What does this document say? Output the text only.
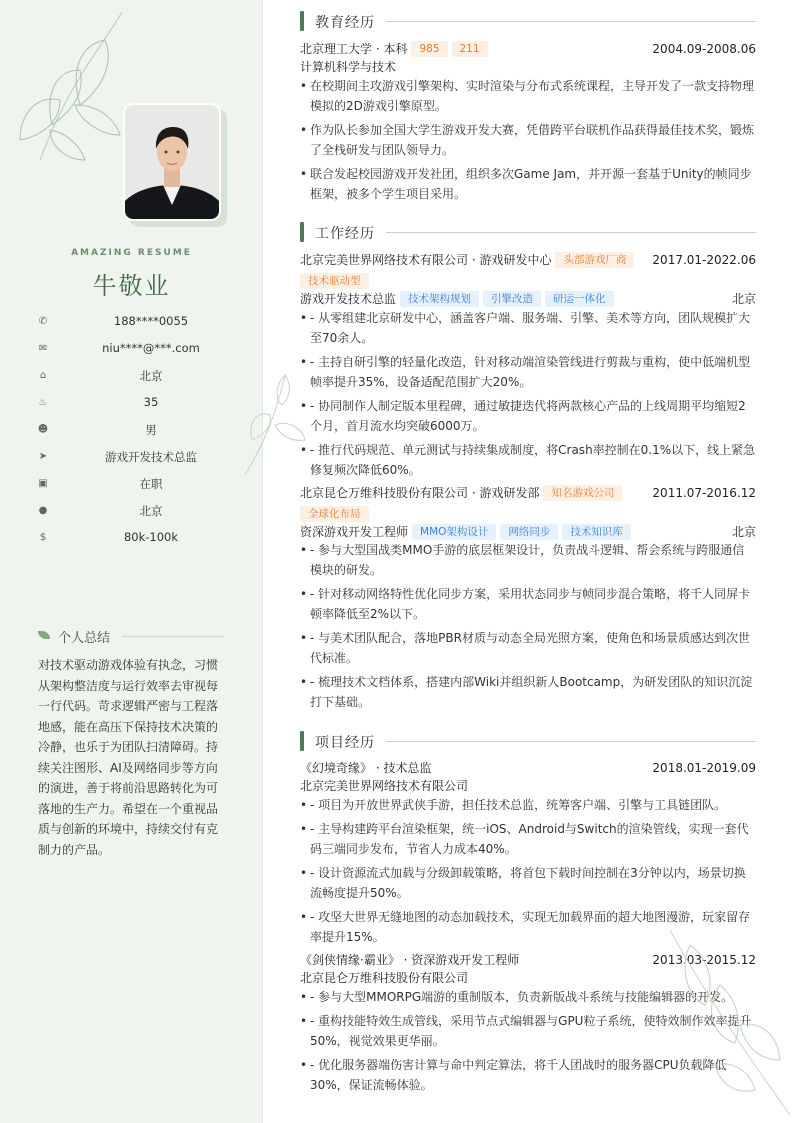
AMAZING RESUME
牛敬业
✆	188****0055
✉	niu****@***.com
⌂	北京
♨	35
☻	男
➤	游戏开发技术总监
▣	在职
●	北京
$	80k-100k
个人总结
对技术驱动游戏体验有执念，习惯从架构整洁度与运行效率去审视每一行代码。苛求逻辑严密与工程落地感，能在高压下保持技术决策的冷静，也乐于为团队扫清障碍。持续关注图形、AI及网络同步等方向的演进，善于将前沿思路转化为可落地的生产力。希望在一个重视品质与创新的环境中，持续交付有克制力的产品。
教育经历
北京理工大学 · 本科 985 211	2004.09-2008.06
计算机科学与技术
• 在校期间主攻游戏引擎架构、实时渲染与分布式系统课程，主导开发了一款支持物理模拟的2D游戏引擎原型。
• 作为队长参加全国大学生游戏开发大赛，凭借跨平台联机作品获得最佳技术奖，锻炼了全栈研发与团队领导力。
• 联合发起校园游戏开发社团，组织多次Game Jam，并开源一套基于Unity的帧同步框架，被多个学生项目采用。
工作经历
北京完美世界网络技术有限公司 · 游戏研发中心 头部游戏厂商 2017.01-2022.06
技术驱动型
游戏开发技术总监 技术架构规划 引擎改造 研运一体化	北京
• - 从零组建北京研发中心，涵盖客户端、服务端、引擎、美术等方向，团队规模扩大至70余人。
• - 主持自研引擎的轻量化改造，针对移动端渲染管线进行剪裁与重构，使中低端机型帧率提升35%，设备适配范围扩大20%。
• - 协同制作人制定版本里程碑，通过敏捷迭代将两款核心产品的上线周期平均缩短2个月，首月流水均突破6000万。
• - 推行代码规范、单元测试与持续集成制度，将Crash率控制在0.1%以下，线上紧急修复频次降低60%。
北京昆仑万维科技股份有限公司 · 游戏研发部 知名游戏公司	2011.07-2016.12
全球化布局
资深游戏开发工程师 MMO架构设计 网络同步 技术知识库	北京
• - 参与大型国战类MMO手游的底层框架设计，负责战斗逻辑、帮会系统与跨服通信模块的研发。
• - 针对移动网络特性优化同步方案，采用状态同步与帧同步混合策略，将千人同屏卡顿率降低至2%以下。
• - 与美术团队配合，落地PBR材质与动态全局光照方案，使角色和场景质感达到次世代标准。
• - 梳理技术文档体系，搭建内部Wiki并组织新人Bootcamp，为研发团队的知识沉淀打下基础。
项目经历
《幻境奇缘》 · 技术总监	2018.01-2019.09
北京完美世界网络技术有限公司
• - 项目为开放世界武侠手游，担任技术总监，统筹客户端、引擎与工具链团队。
• - 主导构建跨平台渲染框架，统一iOS、Android与Switch的渲染管线，实现一套代码三端同步发布，节省人力成本40%。
• - 设计资源流式加载与分级卸载策略，将首包下载时间控制在3分钟以内，场景切换流畅度提升50%。
• - 攻坚大世界无缝地图的动态加载技术，实现无加载界面的超大地图漫游，玩家留存率提升15%。
《剑侠情缘·霸业》 · 资深游戏开发工程师	2013.03-2015.12
北京昆仑万维科技股份有限公司
• - 参与大型MMORPG端游的重制版本，负责新版战斗系统与技能编辑器的开发。
• - 重构技能特效生成管线，采用节点式编辑器与GPU粒子系统，使特效制作效率提升50%，视觉效果更华丽。
• - 优化服务器端伤害计算与命中判定算法，将千人团战时的服务器CPU负载降低30%，保证流畅体验。
